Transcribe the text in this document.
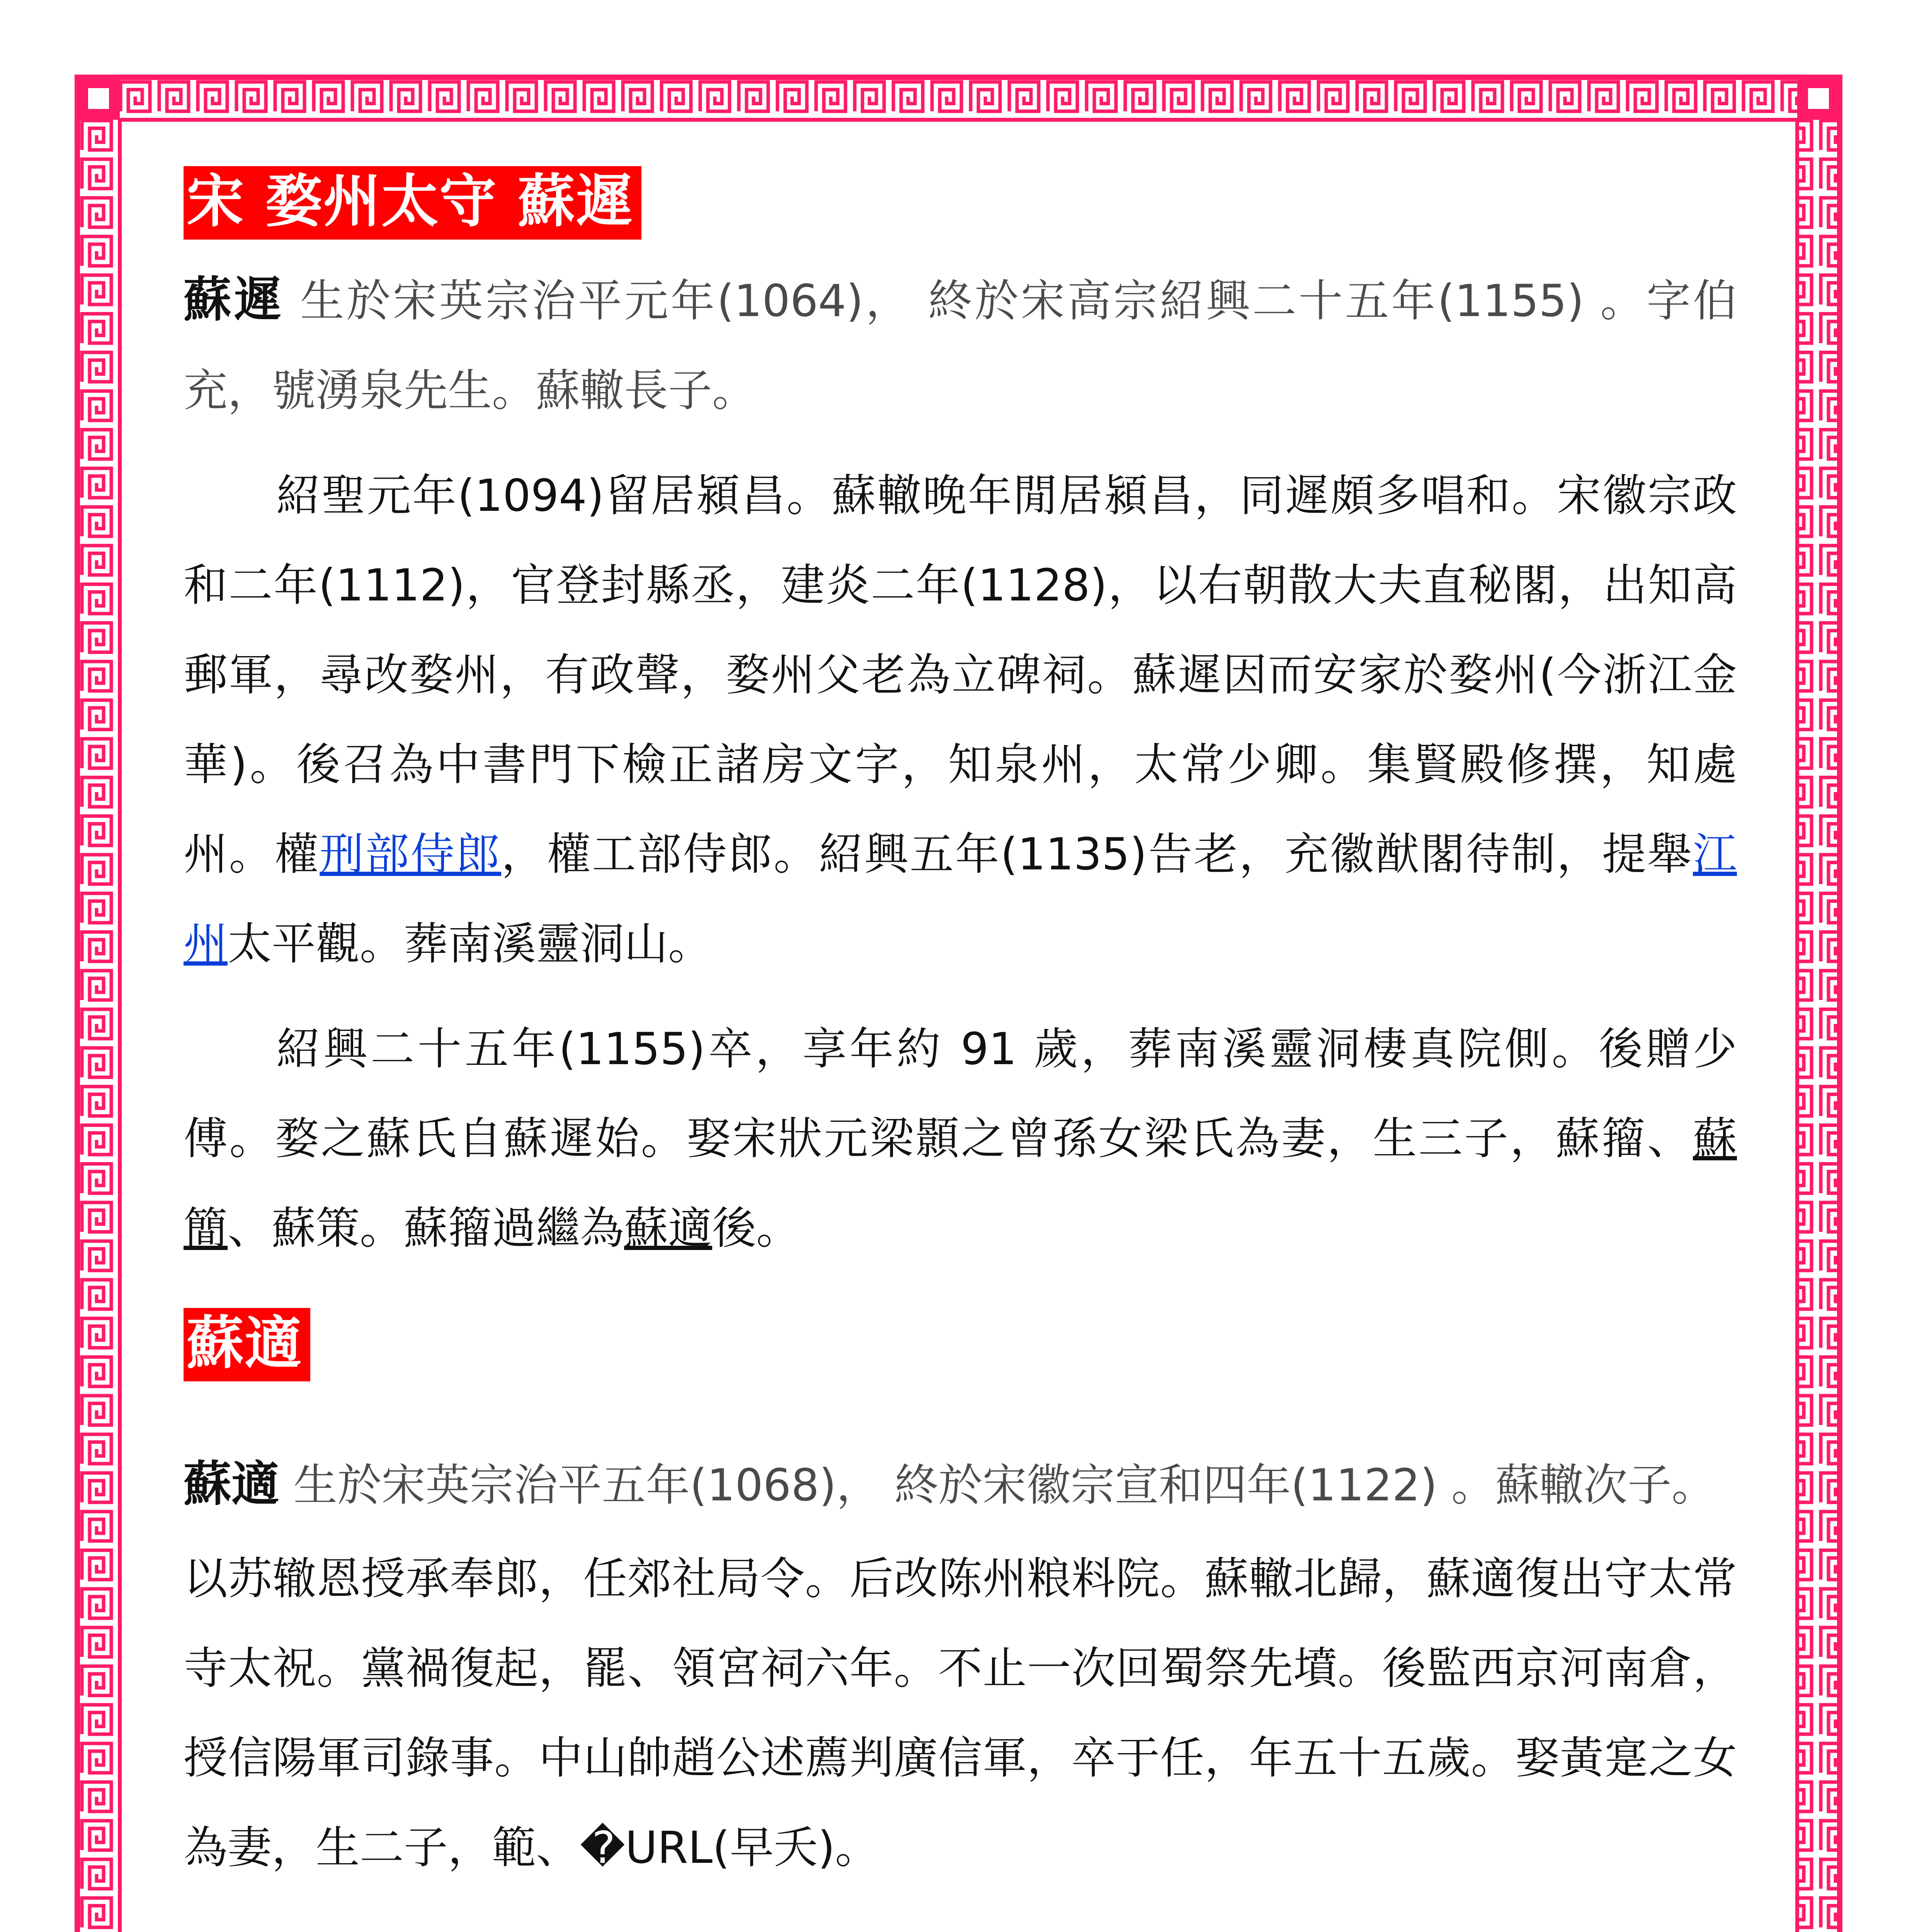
宋 婺州太守 蘇遲

蘇遲 生於宋英宗治平元年(1064)， 終於宋高宗紹興二十五年(1155) 。字伯充，號湧泉先生。蘇轍長子。

紹聖元年(1094)留居潁昌。蘇轍晚年閒居潁昌，同遲頗多唱和。宋徽宗政和二年(1112)，官登封縣丞，建炎二年(1128)，以右朝散大夫直秘閣，出知高郵軍，尋改婺州，有政聲，婺州父老為立碑祠。蘇遲因而安家於婺州(今浙江金華)。後召為中書門下檢正諸房文字，知泉州，太常少卿。集賢殿修撰，知處州。權刑部侍郎，權工部侍郎。紹興五年(1135)告老，充徽猷閣待制，提舉江州太平觀。葬南溪靈洞山。

紹興二十五年(1155)卒，享年約 91 歲，葬南溪靈洞棲真院側。後贈少傅。婺之蘇氏自蘇遲始。娶宋狀元梁顥之曾孫女梁氏為妻，生三子，蘇籀、蘇簡、蘇策。蘇籀過繼為蘇適後。

蘇適

蘇適 生於宋英宗治平五年(1068)， 終於宋徽宗宣和四年(1122) 。蘇轍次子。

以苏辙恩授承奉郎，任郊社局令。后改陈州粮料院。蘇轍北歸，蘇適復出守太常寺太祝。黨禍復起，罷、領宮祠六年。不止一次回蜀祭先墳。後監西京河南倉，授信陽軍司錄事。中山帥趙公述薦判廣信軍，卒于任，年五十五歲。娶黃寔之女為妻，生二子，範、�URL(早夭)。
